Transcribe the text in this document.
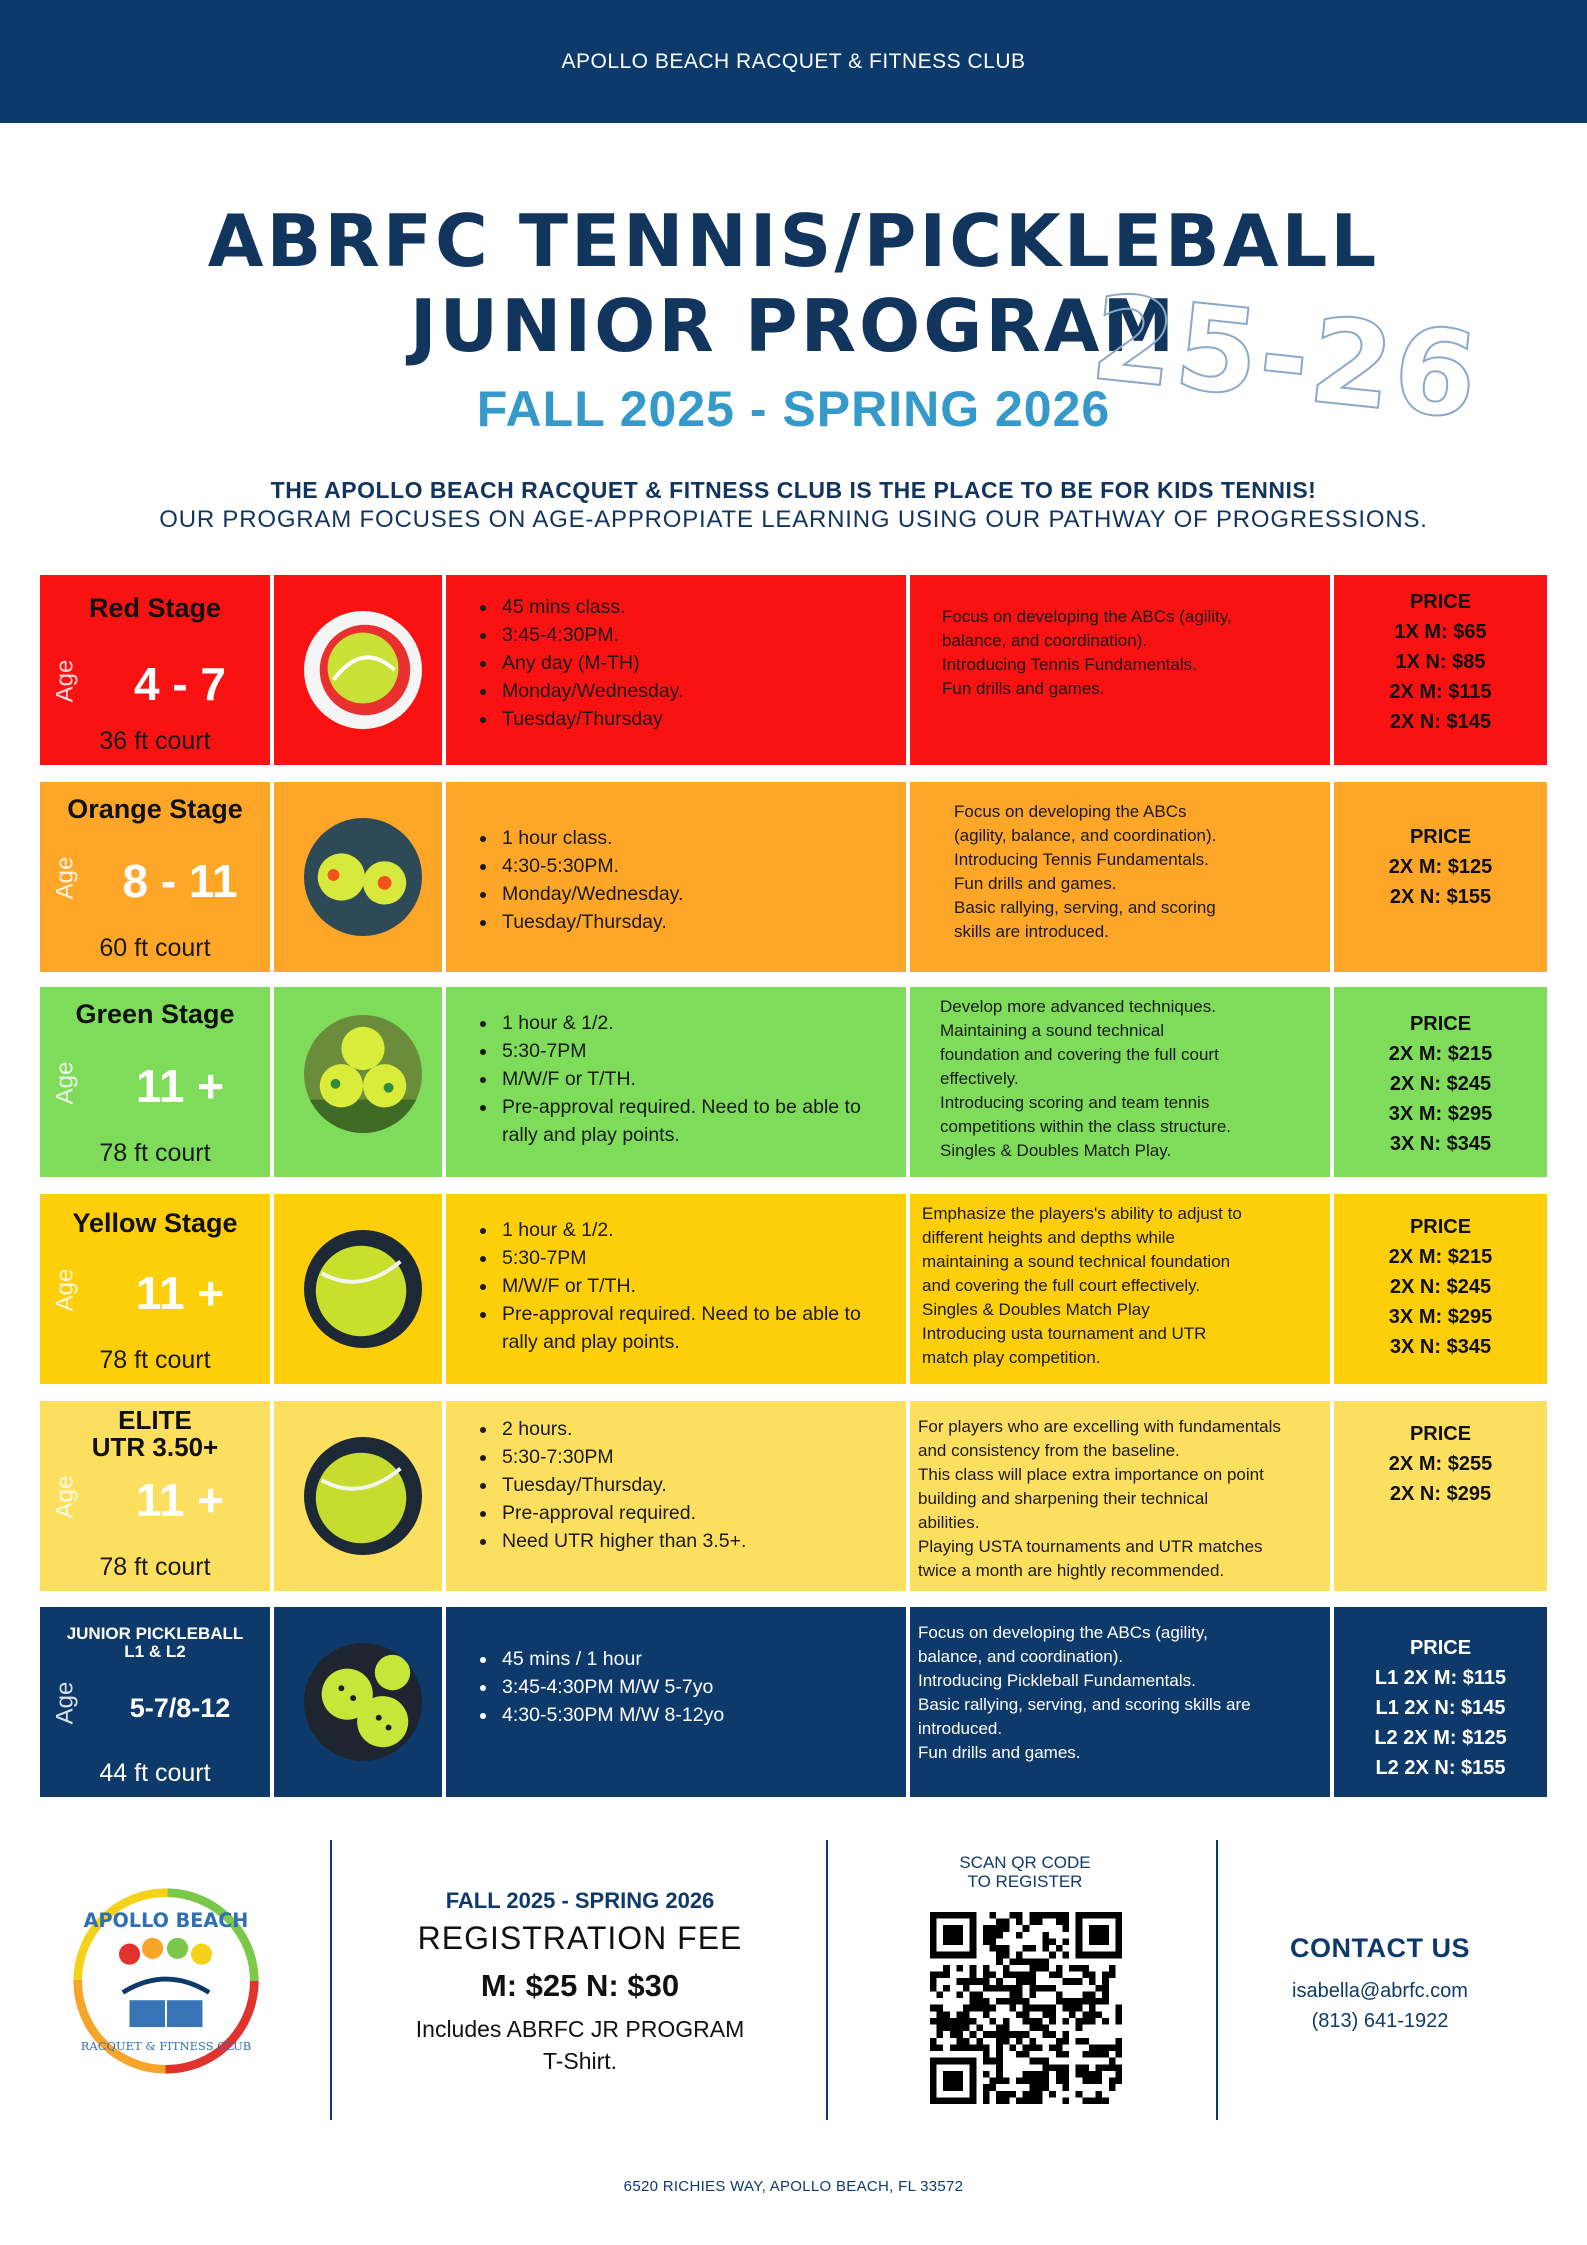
APOLLO BEACH RACQUET & FITNESS CLUB
ABRFC TENNIS/PICKLEBALL
JUNIOR PROGRAM
25-26
FALL 2025 - SPRING 2026
THE APOLLO BEACH RACQUET & FITNESS CLUB IS THE PLACE TO BE FOR KIDS TENNIS!
OUR PROGRAM FOCUSES ON AGE-APPROPIATE LEARNING USING OUR PATHWAY OF PROGRESSIONS.
Red Stage
Age	4 - 7
36 ft court
• 45 mins class.
• 3:45-4:30PM.
• Any day (M-TH)
• Monday/Wednesday.
• Tuesday/Thursday
Focus on developing the ABCs (agility,
balance, and coordination).
Introducing Tennis Fundamentals.
Fun drills and games.
PRICE
1X M: $65
1X N: $85
2X M: $115
2X N: $145
Orange Stage
Age 8 - 11
60 ft court
• 1 hour class.
• 4:30-5:30PM.
• Monday/Wednesday.
• Tuesday/Thursday.
Focus on developing the ABCs
(agility, balance, and coordination).
Introducing Tennis Fundamentals.
Fun drills and games.
Basic rallying, serving, and scoring
skills are introduced.
PRICE
2X M: $125
2X N: $155
Green Stage
Age	11 +
78 ft court
• 1 hour & 1/2.
• 5:30-7PM
• M/W/F or T/TH.
• Pre-approval required. Need to be able to rally and play points.
Develop more advanced techniques.
Maintaining a sound technical
foundation and covering the full court
effectively.
Introducing scoring and team tennis
competitions within the class structure.
Singles & Doubles Match Play.
PRICE
2X M: $215
2X N: $245
3X M: $295
3X N: $345
Yellow Stage
Age	11 +
78 ft court
• 1 hour & 1/2.
• 5:30-7PM
• M/W/F or T/TH.
• Pre-approval required. Need to be able to rally and play points.
Emphasize the players's ability to adjust to
different heights and depths while
maintaining a sound technical foundation
and covering the full court effectively.
Singles & Doubles Match Play
Introducing usta tournament and UTR
match play competition.
PRICE
2X M: $215
2X N: $245
3X M: $295
3X N: $345
ELITE
UTR 3.50+
Age	11 +
78 ft court
• 2 hours.
• 5:30-7:30PM
• Tuesday/Thursday.
• Pre-approval required.
• Need UTR higher than 3.5+.
For players who are excelling with fundamentals
and consistency from the baseline.
This class will place extra importance on point
building and sharpening their technical
abilities.
Playing USTA tournaments and UTR matches
twice a month are hightly recommended.
PRICE
2X M: $255
2X N: $295
JUNIOR PICKLEBALL
L1 & L2
Age	5-7/8-12
44 ft court
• 45 mins / 1 hour
• 3:45-4:30PM M/W 5-7yo
• 4:30-5:30PM M/W 8-12yo
Focus on developing the ABCs (agility,
balance, and coordination).
Introducing Pickleball Fundamentals.
Basic rallying, serving, and scoring skills are
introduced.
Fun drills and games.
PRICE
L1 2X M: $115
L1 2X N: $145
L2 2X M: $125
L2 2X N: $155
APOLLO BEACH
RACQUET & FITNESS CLUB
FALL 2025 - SPRING 2026
REGISTRATION FEE
M: $25 N: $30
Includes ABRFC JR PROGRAM
T-Shirt.
SCAN QR CODE
TO REGISTER
CONTACT US
isabella@abrfc.com
(813) 641-1922
6520 RICHIES WAY, APOLLO BEACH, FL 33572
